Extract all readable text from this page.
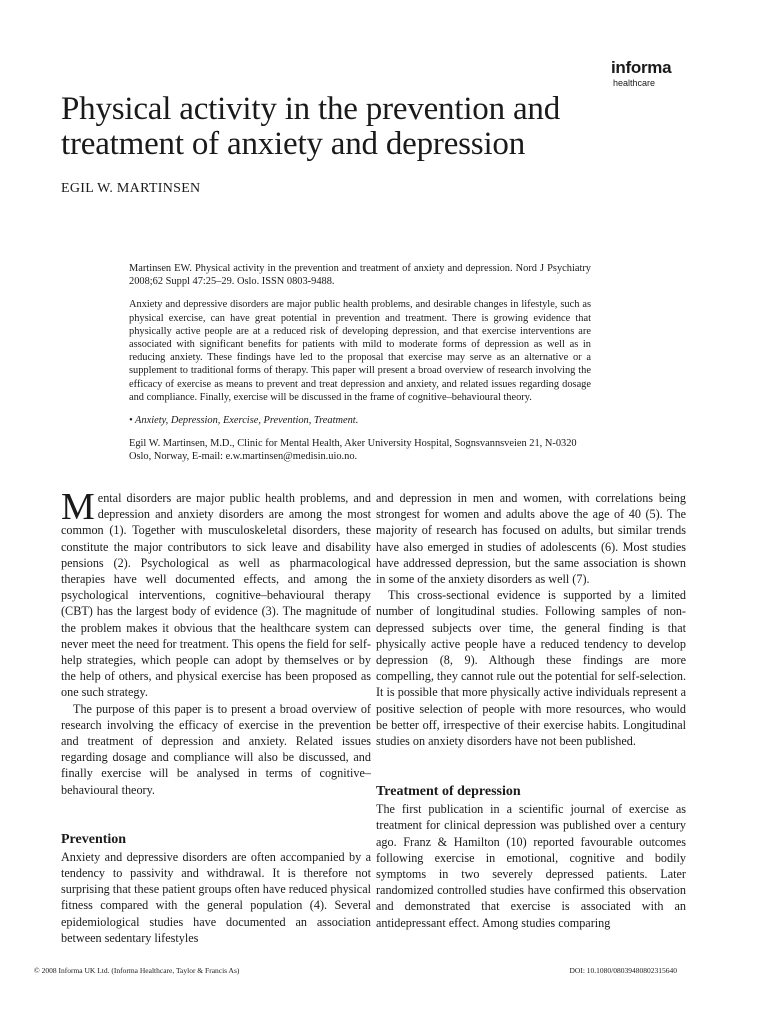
informa
healthcare
Physical activity in the prevention and treatment of anxiety and depression
EGIL W. MARTINSEN

Martinsen EW. Physical activity in the prevention and treatment of anxiety and depression. Nord J Psychiatry 2008;62 Suppl 47:25–29. Oslo. ISSN 0803-9488.

Anxiety and depressive disorders are major public health problems, and desirable changes in lifestyle, such as physical exercise, can have great potential in prevention and treatment. There is growing evidence that physically active people are at a reduced risk of developing depression, and that exercise interventions are associated with significant benefits for patients with mild to moderate forms of depression as well as in reducing anxiety. These findings have led to the proposal that exercise may serve as an alternative or a supplement to traditional forms of therapy. This paper will present a broad overview of research involving the efficacy of exercise as means to prevent and treat depression and anxiety, and related issues regarding dosage and compliance. Finally, exercise will be discussed in the frame of cognitive–behavioural theory.

• Anxiety, Depression, Exercise, Prevention, Treatment.

Egil W. Martinsen, M.D., Clinic for Mental Health, Aker University Hospital, Sognsvannsveien 21, N-0320 Oslo, Norway, E-mail: e.w.martinsen@medisin.uio.no.

Mental disorders are major public health problems, and depression and anxiety disorders are among the most common (1). Together with musculoskeletal disorders, these constitute the major contributors to sick leave and disability pensions (2). Psychological as well as pharmacological therapies have well documented effects, and among the psychological interventions, cognitive–behavioural therapy (CBT) has the largest body of evidence (3). The magnitude of the problem makes it obvious that the healthcare system can never meet the need for treatment. This opens the field for self-help strategies, which people can adopt by themselves or by the help of others, and physical exercise has been proposed as one such strategy.

The purpose of this paper is to present a broad overview of research involving the efficacy of exercise in the prevention and treatment of depression and anxiety. Related issues regarding dosage and compliance will also be discussed, and finally exercise will be analysed in terms of cognitive–behavioural theory.

Prevention

Anxiety and depressive disorders are often accompanied by a tendency to passivity and withdrawal. It is therefore not surprising that these patient groups often have reduced physical fitness compared with the general population (4). Several epidemiological studies have documented an association between sedentary lifestyles

and depression in men and women, with correlations being strongest for women and adults above the age of 40 (5). The majority of research has focused on adults, but similar trends have also emerged in studies of adolescents (6). Most studies have addressed depression, but the same association is shown in some of the anxiety disorders as well (7).

This cross-sectional evidence is supported by a limited number of longitudinal studies. Following samples of non-depressed subjects over time, the general finding is that physically active people have a reduced tendency to develop depression (8, 9). Although these findings are more compelling, they cannot rule out the potential for self-selection. It is possible that more physically active individuals represent a positive selection of people with more resources, who would be better off, irrespective of their exercise habits. Longitudinal studies on anxiety disorders have not been published.

Treatment of depression

The first publication in a scientific journal of exercise as treatment for clinical depression was published over a century ago. Franz & Hamilton (10) reported favourable outcomes following exercise in emotional, cognitive and bodily symptoms in two severely depressed patients. Later randomized controlled studies have confirmed this observation and demonstrated that exercise is associated with an antidepressant effect. Among studies comparing

© 2008 Informa UK Ltd. (Informa Healthcare, Taylor & Francis As)	DOI: 10.1080/08039480802315640
